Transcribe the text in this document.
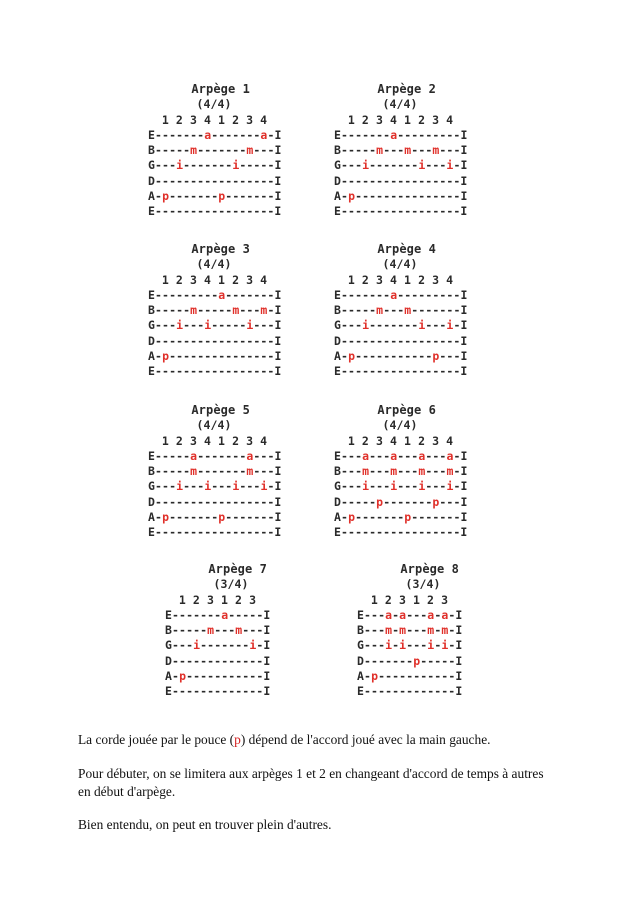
Arpège 1
(4/4)
1 2 3 4 1 2 3 4
E-------a-------a-I
B-----m-------m---I
G---i-------i-----I
D-----------------I
A-p-------p-------I
E-----------------I
Arpège 2
(4/4)
1 2 3 4 1 2 3 4
E-------a---------I
B-----m---m---m---I
G---i-------i---i-I
D-----------------I
A-p---------------I
E-----------------I
Arpège 3
(4/4)
1 2 3 4 1 2 3 4
E---------a-------I
B-----m-----m---m-I
G---i---i-----i---I
D-----------------I
A-p---------------I
E-----------------I
Arpège 4
(4/4)
1 2 3 4 1 2 3 4
E-------a---------I
B-----m---m-------I
G---i-------i---i-I
D-----------------I
A-p-----------p---I
E-----------------I
Arpège 5
(4/4)
1 2 3 4 1 2 3 4
E-----a-------a---I
B-----m-------m---I
G---i---i---i---i-I
D-----------------I
A-p-------p-------I
E-----------------I
Arpège 6
(4/4)
1 2 3 4 1 2 3 4
E---a---a---a---a-I
B---m---m---m---m-I
G---i---i---i---i-I
D-----p-------p---I
A-p-------p-------I
E-----------------I
Arpège 7
(3/4)
1 2 3 1 2 3
E-------a-----I
B-----m---m---I
G---i-------i-I
D-------------I
A-p-----------I
E-------------I
Arpège 8
(3/4)
1 2 3 1 2 3
E---a-a---a-a-I
B---m-m---m-m-I
G---i-i---i-i-I
D-------p-----I
A-p-----------I
E-------------I
La corde jouée par le pouce (p) dépend de l'accord joué avec la main gauche.
Pour débuter, on se limitera aux arpèges 1 et 2 en changeant d'accord de temps à autres en début d'arpège.
Bien entendu, on peut en trouver plein d'autres.
